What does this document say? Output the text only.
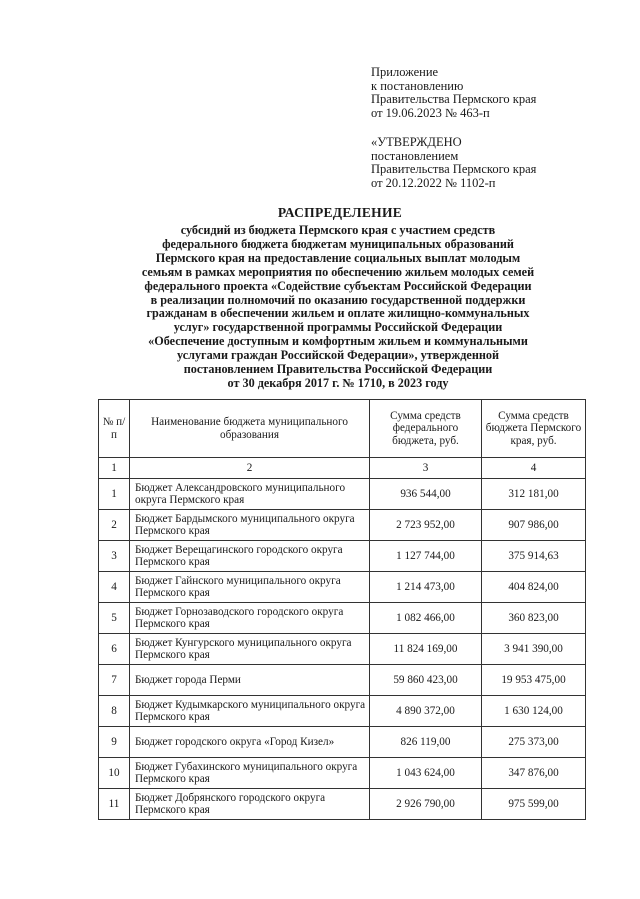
Приложение
к постановлению
Правительства Пермского края
от 19.06.2023 № 463-п
«УТВЕРЖДЕНО
постановлением
Правительства Пермского края
от 20.12.2022 № 1102-п
РАСПРЕДЕЛЕНИЕ
субсидий из бюджета Пермского края с участием средств
федерального бюджета бюджетам муниципальных образований
Пермского края на предоставление социальных выплат молодым
семьям в рамках мероприятия по обеспечению жильем молодых семей
федерального проекта «Содействие субъектам Российской Федерации
в реализации полномочий по оказанию государственной поддержки
гражданам в обеспечении жильем и оплате жилищно-коммунальных
услуг» государственной программы Российской Федерации
«Обеспечение доступным и комфортным жильем и коммунальными
услугами граждан Российской Федерации», утвержденной
постановлением Правительства Российской Федерации
от 30 декабря 2017 г. № 1710, в 2023 году
№ п/п	Наименование бюджета муниципального образования	Сумма средств федерального бюджета, руб.	Сумма средств бюджета Пермского края, руб.
1	2	3	4
1	Бюджет Александровского муниципального округа Пермского края	936 544,00	312 181,00
2	Бюджет Бардымского муниципального округа Пермского края	2 723 952,00	907 986,00
3	Бюджет Верещагинского городского округа Пермского края	1 127 744,00	375 914,63
4	Бюджет Гайнского муниципального округа Пермского края	1 214 473,00	404 824,00
5	Бюджет Горнозаводского городского округа Пермского края	1 082 466,00	360 823,00
6	Бюджет Кунгурского муниципального округа Пермского края	11 824 169,00	3 941 390,00
7	Бюджет города Перми	59 860 423,00	19 953 475,00
8	Бюджет Кудымкарского муниципального округа Пермского края	4 890 372,00	1 630 124,00
9	Бюджет городского округа «Город Кизел»	826 119,00	275 373,00
10	Бюджет Губахинского муниципального округа Пермского края	1 043 624,00	347 876,00
11	Бюджет Добрянского городского округа Пермского края	2 926 790,00	975 599,00
